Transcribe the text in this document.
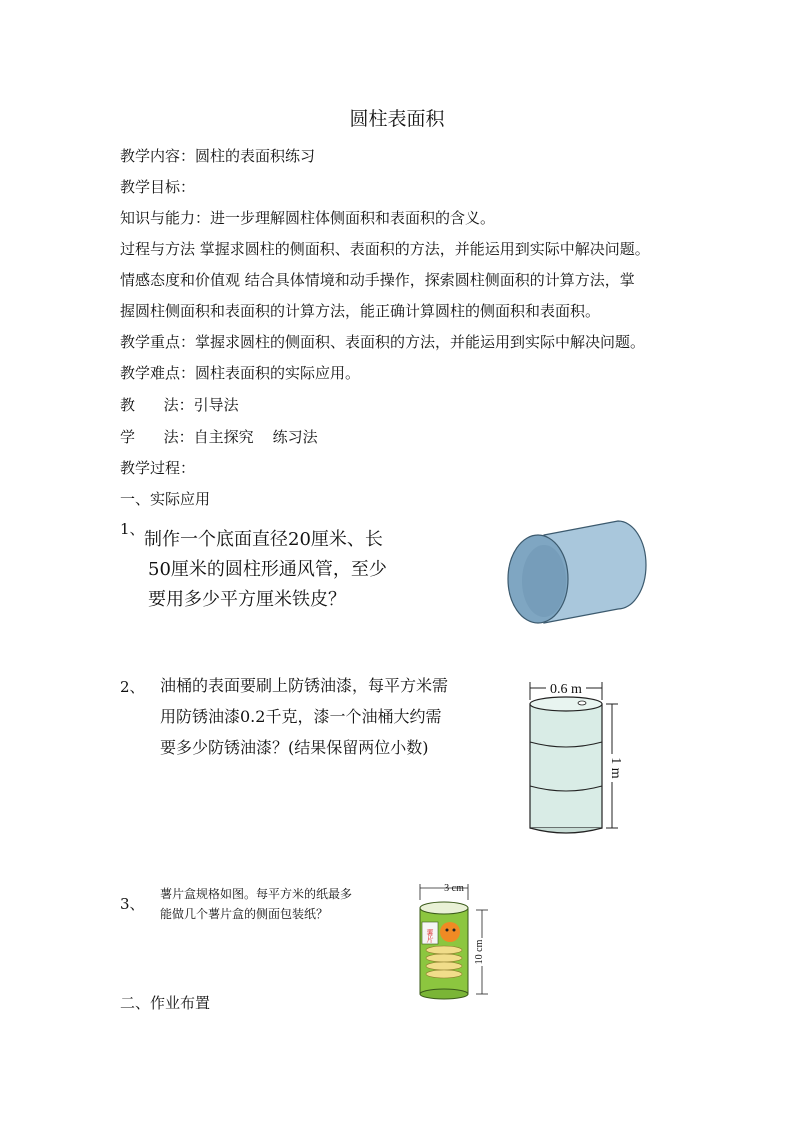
圆柱表面积
教学内容：圆柱的表面积练习
教学目标：
知识与能力：进一步理解圆柱体侧面积和表面积的含义。
过程与方法 掌握求圆柱的侧面积、表面积的方法，并能运用到实际中解决问题。
情感态度和价值观 结合具体情境和动手操作，探索圆柱侧面积的计算方法，掌
握圆柱侧面积和表面积的计算方法，能正确计算圆柱的侧面积和表面积。
教学重点：掌握求圆柱的侧面积、表面积的方法，并能运用到实际中解决问题。
教学难点：圆柱表面积的实际应用。
教      法：引导法
学      法：自主探究    练习法
教学过程：
一、实际应用
1、 制作一个底面直径20厘米、长
50厘米的圆柱形通风管，至少
要用多少平方厘米铁皮？
2、 油桶的表面要刷上防锈油漆，每平方米需
用防锈油漆0.2千克，漆一个油桶大约需
要多少防锈油漆？(结果保留两位小数)
0.6 m
1 m
3、
薯片盒规格如图。每平方米的纸最多
能做几个薯片盒的侧面包装纸？
3 cm
薯片
10 cm
二、作业布置
